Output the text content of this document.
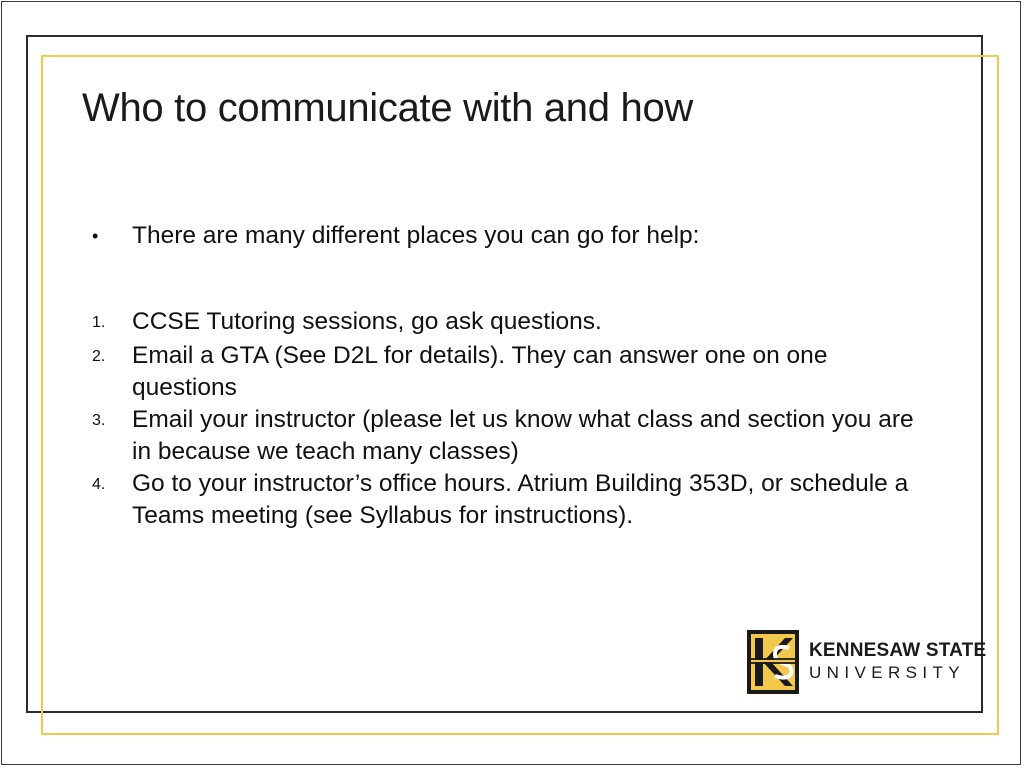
Who to communicate with and how
•	There are many different places you can go for help:
1.	CCSE Tutoring sessions, go ask questions.
2.	Email a GTA (See D2L for details). They can answer one on one questions
3.	Email your instructor (please let us know what class and section you are in because we teach many classes)
4.	Go to your instructor’s office hours. Atrium Building 353D, or schedule a Teams meeting (see Syllabus for instructions).
KENNESAW STATE
UNIVERSITY
